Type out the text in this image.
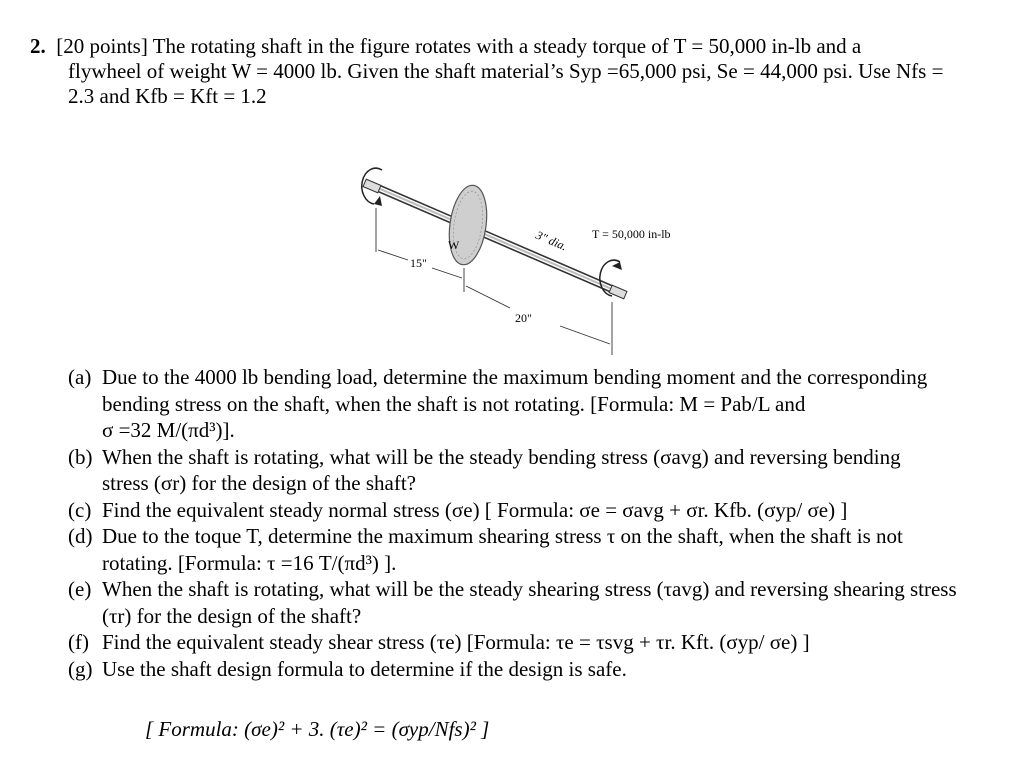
2. [20 points] The rotating shaft in the figure rotates with a steady torque of T = 50,000 in-lb and a
flywheel of weight W = 4000 lb. Given the shaft material’s Syp =65,000 psi, Se = 44,000 psi. Use Nfs =
2.3 and Kfb = Kft = 1.2
W
15"
20"
3" dia. T = 50,000 in-lb
(a) Due to the 4000 lb bending load, determine the maximum bending moment and the corresponding
bending stress on the shaft, when the shaft is not rotating. [Formula: M = Pab/L and
σ =32 M/(πd³)].
(b) When the shaft is rotating, what will be the steady bending stress (σavg) and reversing bending
stress (σr) for the design of the shaft?
(c) Find the equivalent steady normal stress (σe) [ Formula: σe = σavg + σr. Kfb. (σyp/ σe) ]
(d) Due to the toque T, determine the maximum shearing stress τ on the shaft, when the shaft is not
rotating. [Formula: τ =16 T/(πd³) ].
(e) When the shaft is rotating, what will be the steady shearing stress (τavg) and reversing shearing stress
(τr) for the design of the shaft?
(f) Find the equivalent steady shear stress (τe) [Formula: τe = τsvg + τr. Kft. (σyp/ σe) ]
(g) Use the shaft design formula to determine if the design is safe.
[ Formula: (σe)² + 3. (τe)² = (σyp/Nfs)² ]
